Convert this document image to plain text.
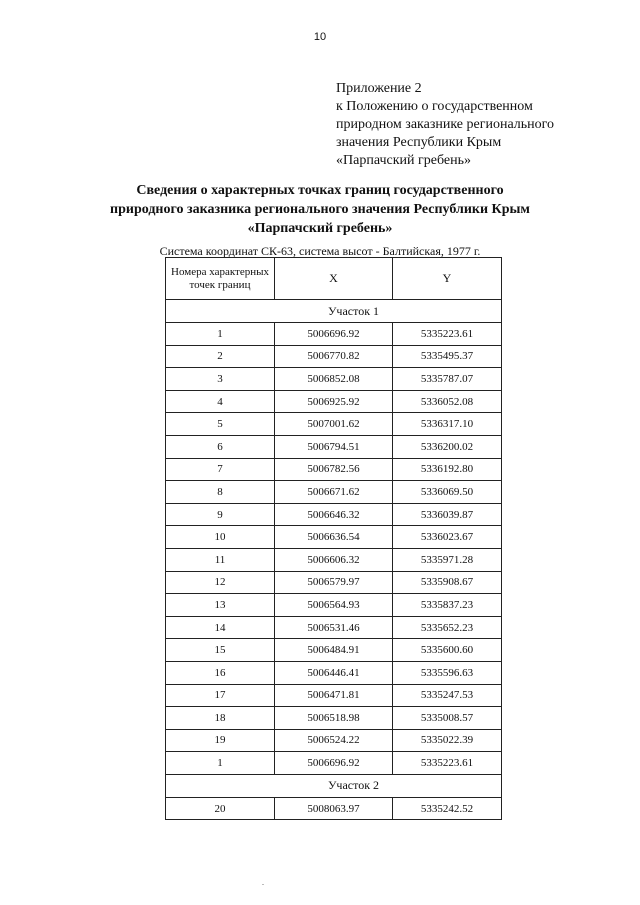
10
Приложение 2
к Положению о государственном
природном заказнике регионального
значения Республики Крым
«Парпачский гребень»
Сведения о характерных точках границ государственного
природного заказника регионального значения Республики Крым
«Парпачский гребень»
Система координат СК-63, система высот - Балтийская, 1977 г.
Номера характерных
точек границ	X	Y
Участок 1		
1	5006696.92	5335223.61
2	5006770.82	5335495.37
3	5006852.08	5335787.07
4	5006925.92	5336052.08
5	5007001.62	5336317.10
6	5006794.51	5336200.02
7	5006782.56	5336192.80
8	5006671.62	5336069.50
9	5006646.32	5336039.87
10	5006636.54	5336023.67
11	5006606.32	5335971.28
12	5006579.97	5335908.67
13	5006564.93	5335837.23
14	5006531.46	5335652.23
15	5006484.91	5335600.60
16	5006446.41	5335596.63
17	5006471.81	5335247.53
18	5006518.98	5335008.57
19	5006524.22	5335022.39
1	5006696.92	5335223.61
Участок 2		
20	5008063.97	5335242.52
